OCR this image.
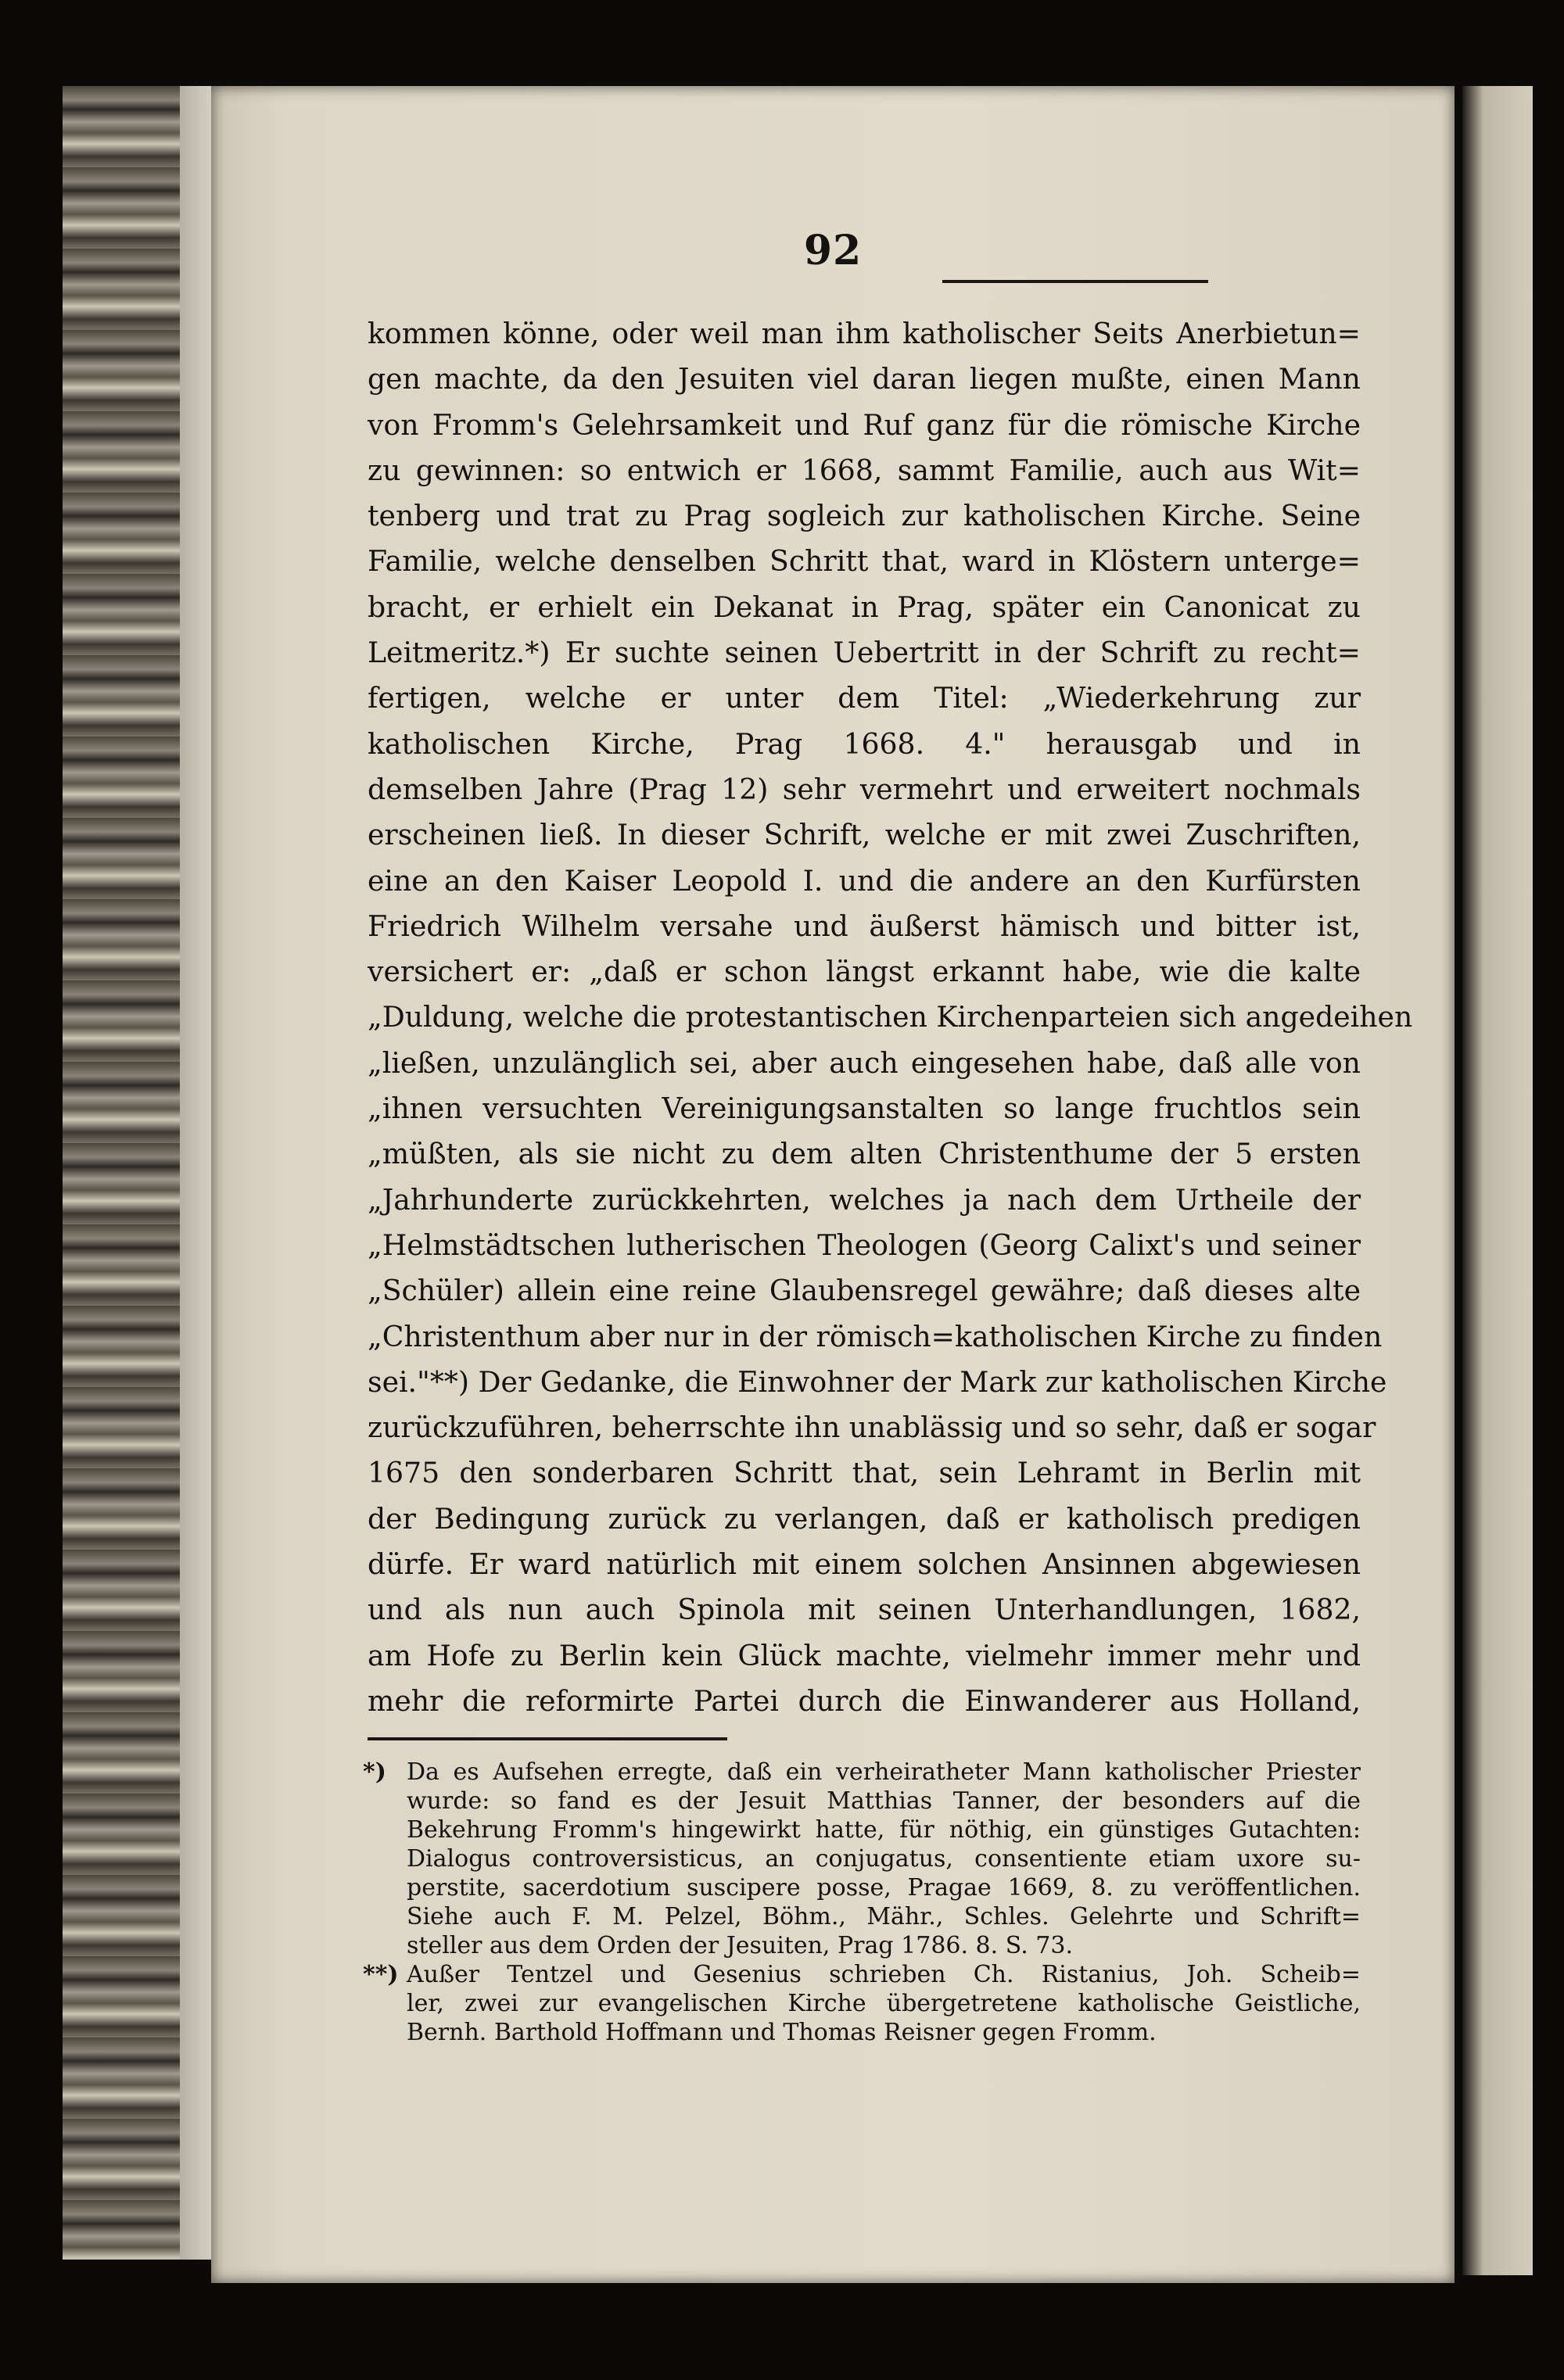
92
kommen könne, oder weil man ihm katholischer Seits Anerbietun=
gen machte, da den Jesuiten viel daran liegen mußte, einen Mann
von Fromm's Gelehrsamkeit und Ruf ganz für die römische Kirche
zu gewinnen: so entwich er 1668, sammt Familie, auch aus Wit=
tenberg und trat zu Prag sogleich zur katholischen Kirche. Seine
Familie, welche denselben Schritt that, ward in Klöstern unterge=
bracht, er erhielt ein Dekanat in Prag, später ein Canonicat zu
Leitmeritz.*) Er suchte seinen Uebertritt in der Schrift zu recht=
fertigen, welche er unter dem Titel: „Wiederkehrung zur
katholischen Kirche, Prag 1668. 4." herausgab und in
demselben Jahre (Prag 12) sehr vermehrt und erweitert nochmals
erscheinen ließ. In dieser Schrift, welche er mit zwei Zuschriften,
eine an den Kaiser Leopold I. und die andere an den Kurfürsten
Friedrich Wilhelm versahe und äußerst hämisch und bitter ist,
versichert er: „daß er schon längst erkannt habe, wie die kalte
„Duldung, welche die protestantischen Kirchenparteien sich angedeihen
„ließen, unzulänglich sei, aber auch eingesehen habe, daß alle von
„ihnen versuchten Vereinigungsanstalten so lange fruchtlos sein
„müßten, als sie nicht zu dem alten Christenthume der 5 ersten
„Jahrhunderte zurückkehrten, welches ja nach dem Urtheile der
„Helmstädtschen lutherischen Theologen (Georg Calixt's und seiner
„Schüler) allein eine reine Glaubensregel gewähre; daß dieses alte
„Christenthum aber nur in der römisch=katholischen Kirche zu finden
sei."**) Der Gedanke, die Einwohner der Mark zur katholischen Kirche
zurückzuführen, beherrschte ihn unablässig und so sehr, daß er sogar
1675 den sonderbaren Schritt that, sein Lehramt in Berlin mit
der Bedingung zurück zu verlangen, daß er katholisch predigen
dürfe. Er ward natürlich mit einem solchen Ansinnen abgewiesen
und als nun auch Spinola mit seinen Unterhandlungen, 1682,
am Hofe zu Berlin kein Glück machte, vielmehr immer mehr und
mehr die reformirte Partei durch die Einwanderer aus Holland,
*) Da es Aufsehen erregte, daß ein verheiratheter Mann katholischer Priester
wurde: so fand es der Jesuit Matthias Tanner, der besonders auf die
Bekehrung Fromm's hingewirkt hatte, für nöthig, ein günstiges Gutachten:
Dialogus controversisticus, an conjugatus, consentiente etiam uxore su-
perstite, sacerdotium suscipere posse, Pragae 1669, 8. zu veröffentlichen.
Siehe auch F. M. Pelzel, Böhm., Mähr., Schles. Gelehrte und Schrift=
steller aus dem Orden der Jesuiten, Prag 1786. 8. S. 73.
**) Außer Tentzel und Gesenius schrieben Ch. Ristanius, Joh. Scheib=
ler, zwei zur evangelischen Kirche übergetretene katholische Geistliche,
Bernh. Barthold Hoffmann und Thomas Reisner gegen Fromm.
